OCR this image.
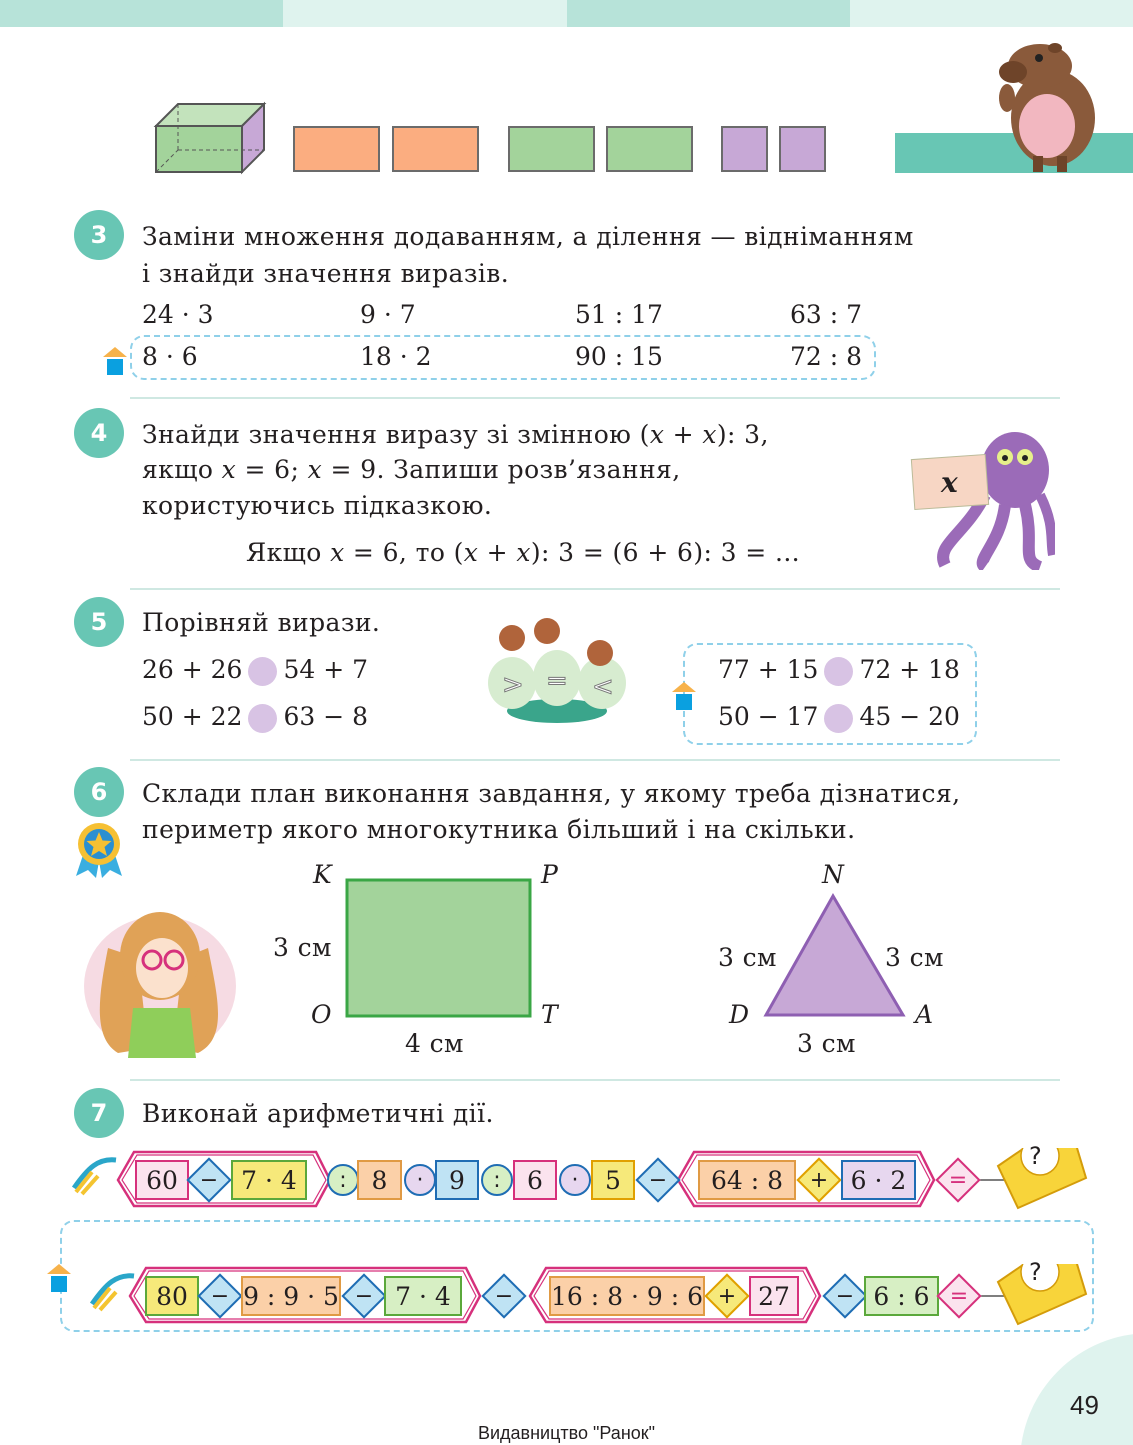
3	Заміни множення додаванням, а ділення — відніманням
і знайди значення виразів.
24 · 3	9 · 7	51 : 17	63 : 7
8 · 6	18 · 2	90 : 15	72 : 8
4	Знайди значення виразу зі змінною (x + x): 3,
якщо x = 6; x = 9. Запиши розв’язання,
користуючись підказкою.
Якщо x = 6, то (x + x): 3 = (6 + 6): 3 = ...
x
5	Порівняй вирази.
26 + 26 54 + 7
50 + 22 63 − 8
> = <
77 + 15 72 + 18
50 − 17 45 − 20
6	Склади план виконання завдання, у якому треба дізнатися,
периметр якого многокутника більший і на скільки.
K	P
O	T
3 см
4 см
N
D	A
3 см	3 см
3 см
7	Виконай арифметичні дії.
?
60 − 7 · 4	: 8	·	9	:	6	·	5	−	64 : 8	+ 6 · 2	=
?
80	− 9 : 9 · 5 − 7 · 4	− 16 : 8 · 9 : 6 + 27	− 6 : 6 =
49
Видавництво "Ранок"
